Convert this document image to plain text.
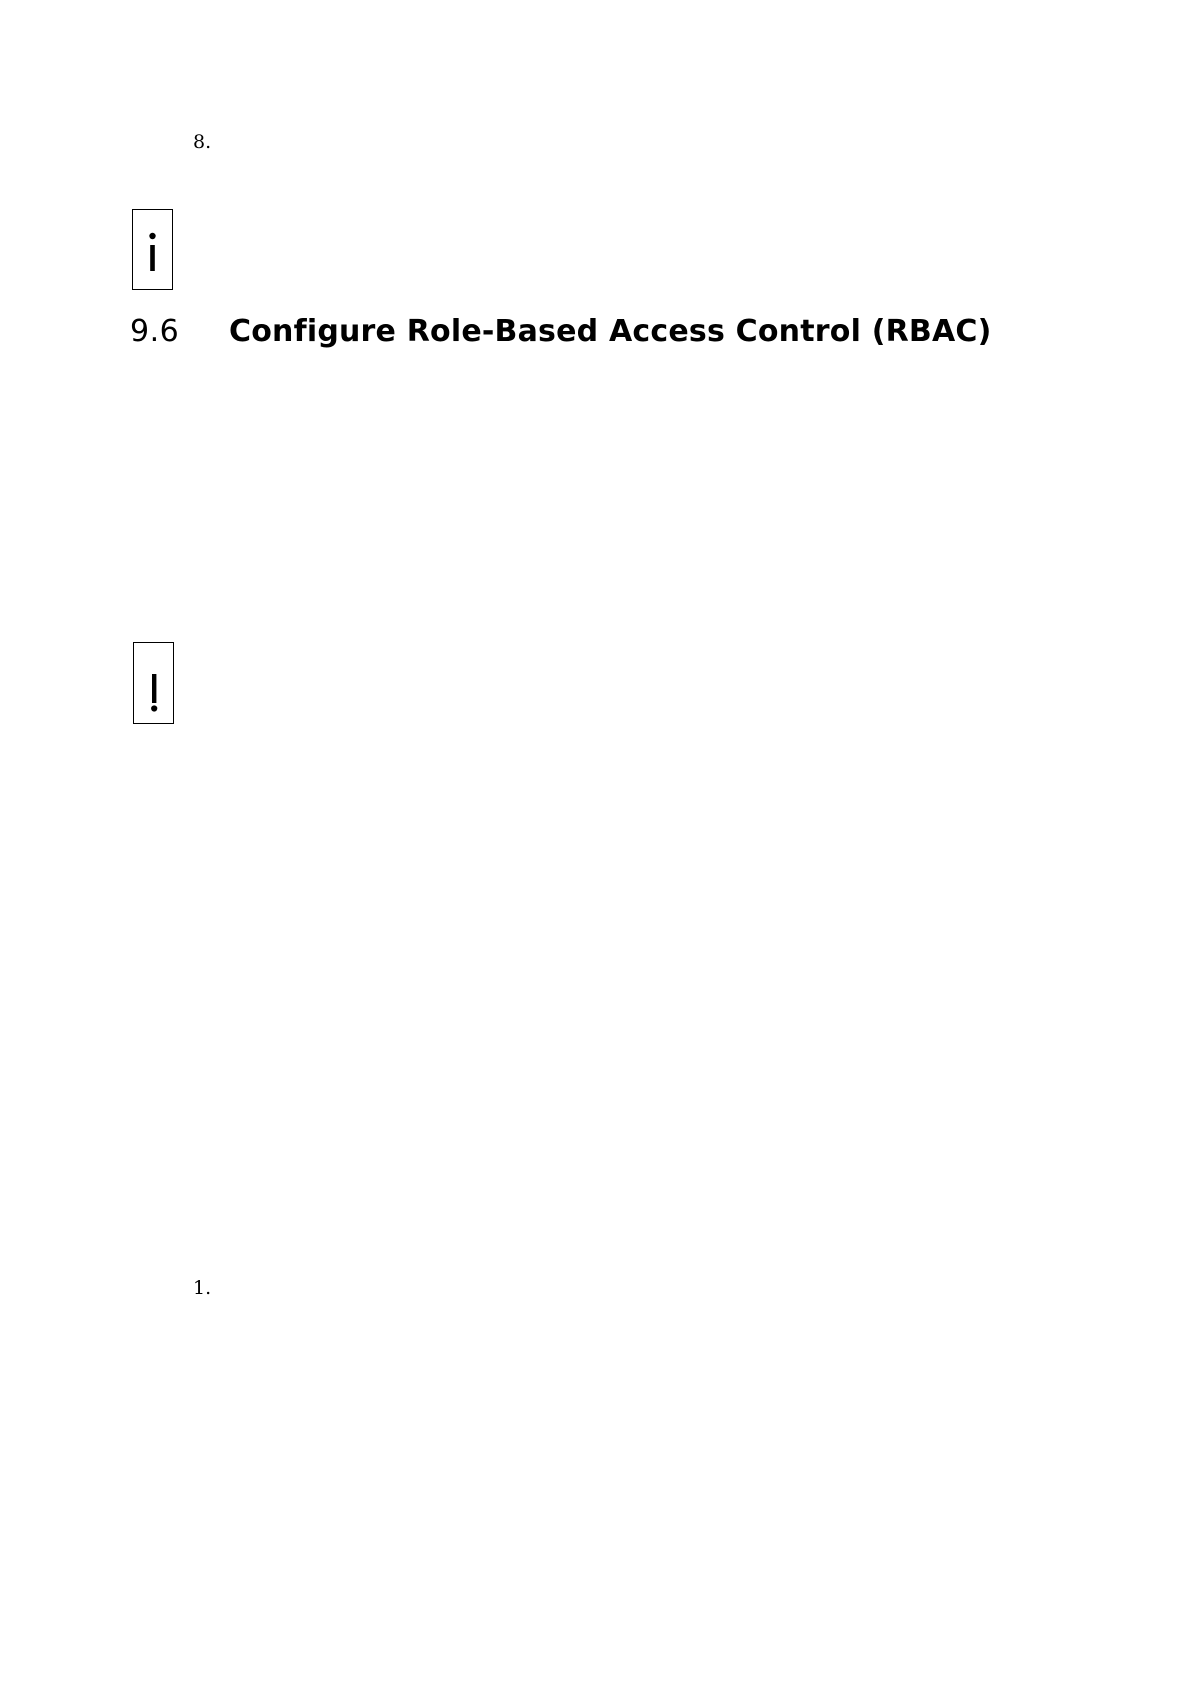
8.
9.6	Configure Role-Based Access Control (RBAC)
1.
